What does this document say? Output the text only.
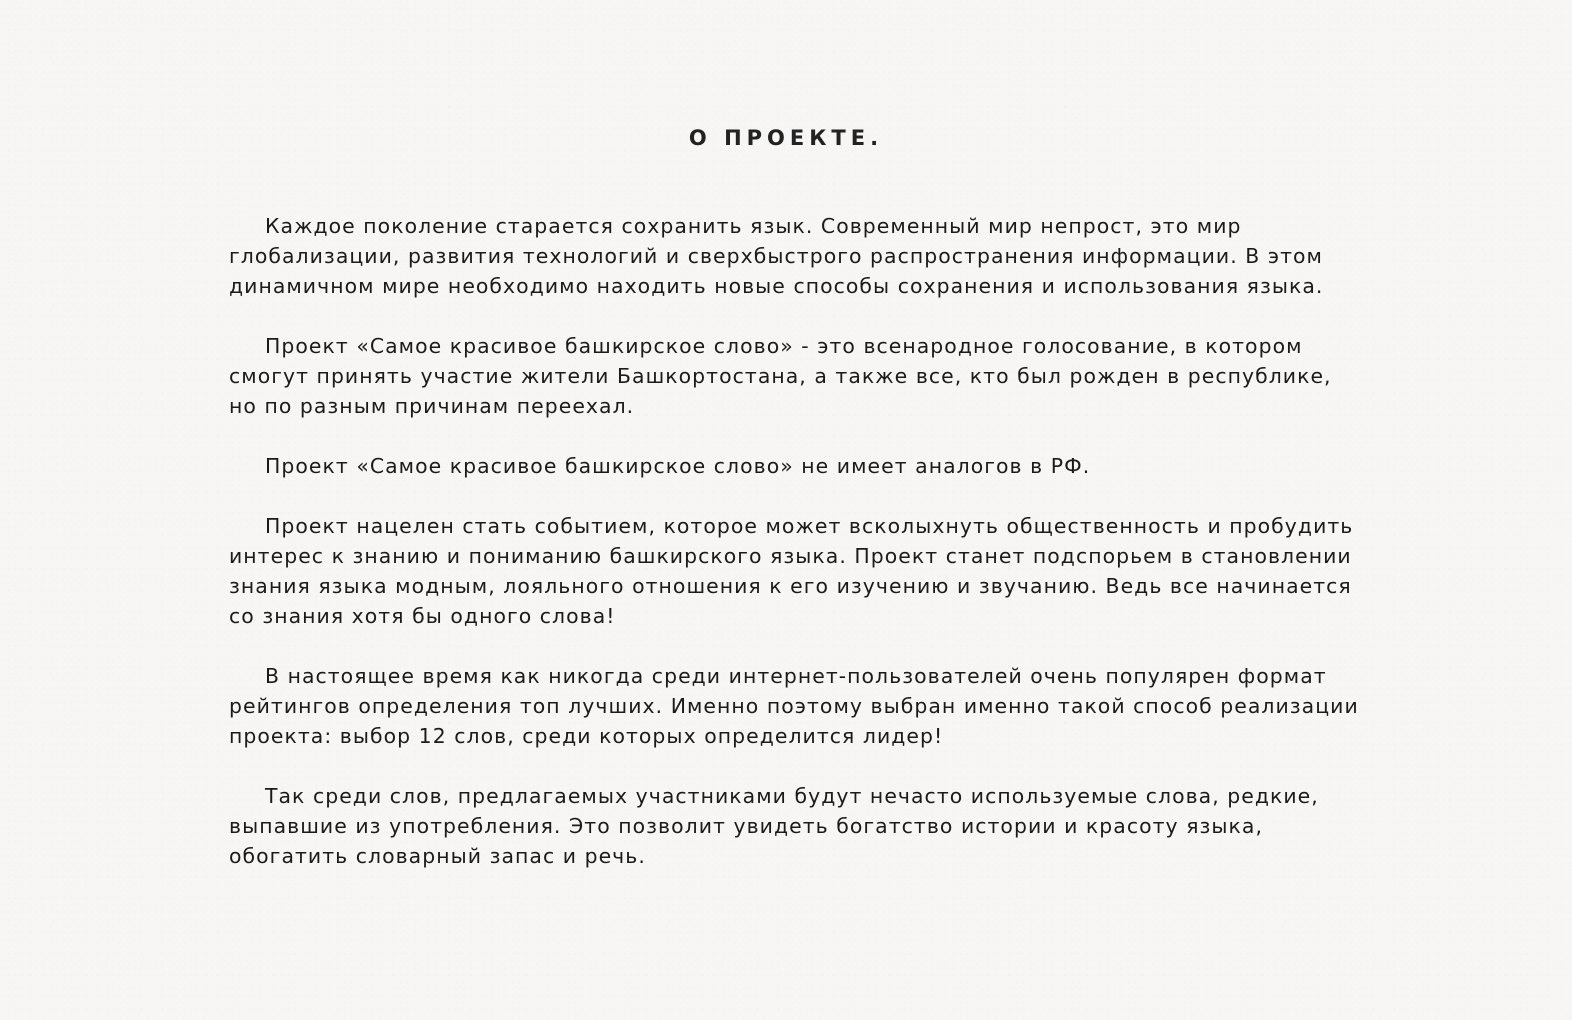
О ПРОЕКТЕ.

Каждое поколение старается сохранить язык. Современный мир непрост, это мир глобализации, развития технологий и сверхбыстрого распространения информации. В этом динамичном мире необходимо находить новые способы сохранения и использования языка.

Проект «Самое красивое башкирское слово» - это всенародное голосование, в котором смогут принять участие жители Башкортостана, а также все, кто был рожден в республике, но по разным причинам переехал.

Проект «Самое красивое башкирское слово» не имеет аналогов в РФ.

Проект нацелен стать событием, которое может всколыхнуть общественность и пробудить интерес к знанию и пониманию башкирского языка. Проект станет подспорьем в становлении знания языка модным, лояльного отношения к его изучению и звучанию. Ведь все начинается со знания хотя бы одного слова!

В настоящее время как никогда среди интернет-пользователей очень популярен формат рейтингов определения топ лучших. Именно поэтому выбран именно такой способ реализации проекта: выбор 12 слов, среди которых определится лидер!

Так среди слов, предлагаемых участниками будут нечасто используемые слова, редкие, выпавшие из употребления. Это позволит увидеть богатство истории и красоту языка, обогатить словарный запас и речь.
